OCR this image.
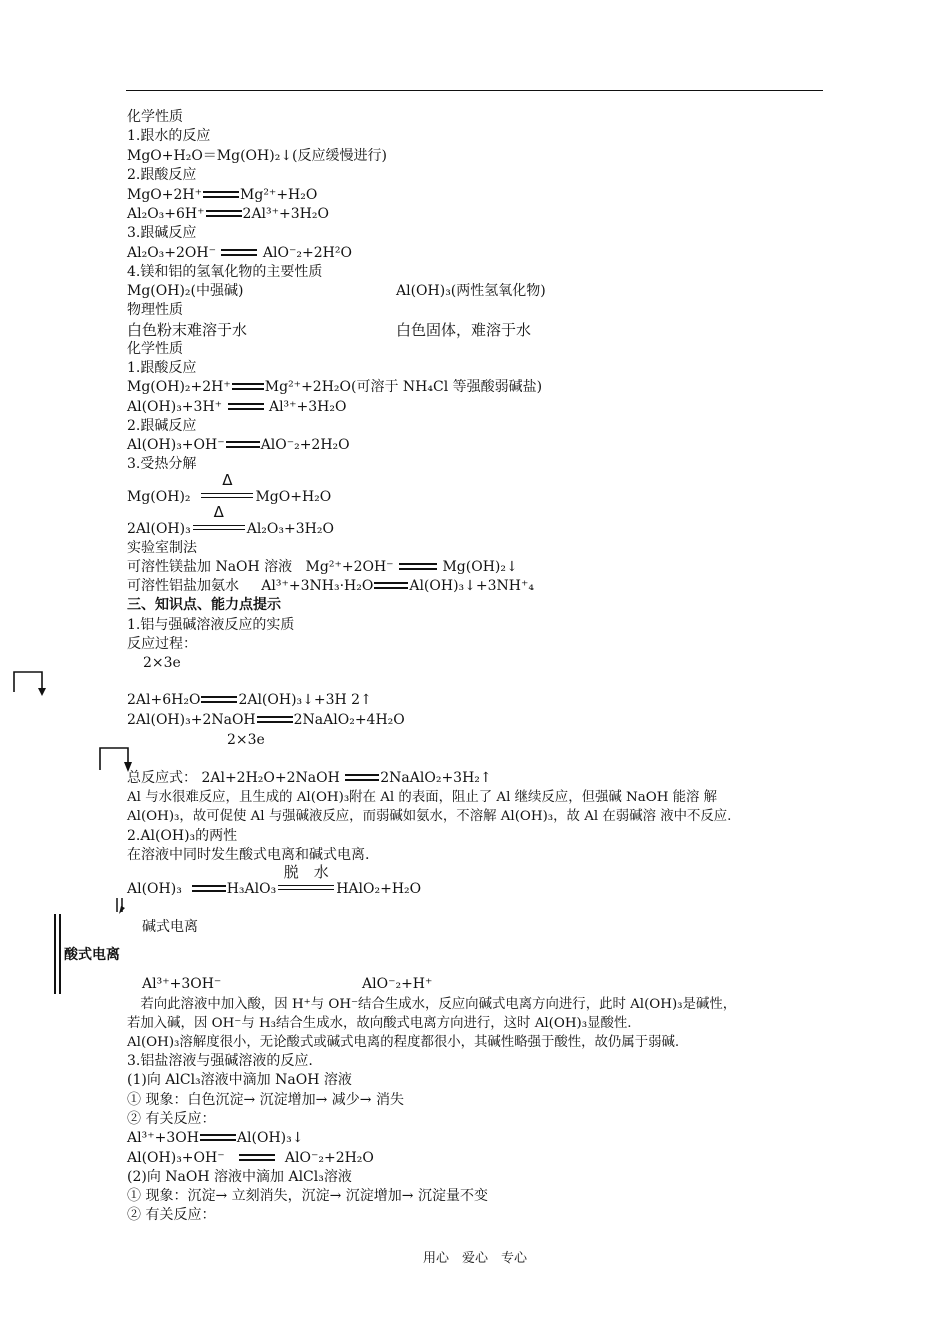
化学性质
1.跟水的反应
MgO+H₂O＝Mg(OH)₂↓(反应缓慢进行)
2.跟酸反应
MgO+2H⁺	Mg²⁺+H₂O
Al₂O₃+6H⁺	2Al³⁺+3H₂O
3.跟碱反应
Al₂O₃+2OH⁻	AlO⁻₂+2H²O
4.镁和铝的氢氧化物的主要性质
Mg(OH)₂(中强碱)	Al(OH)₃(两性氢氧化物)
物理性质
白色粉末难溶于水	白色固体，难溶于水
化学性质
1.跟酸反应
Mg(OH)₂+2H⁺ Mg²⁺+2H₂O(可溶于 NH₄Cl 等强酸弱碱盐)
Al(OH)₃+3H⁺	Al³⁺+3H₂O
2.跟碱反应
Al(OH)₃+OH⁻	AlO⁻₂+2H₂O
3.受热分解
Mg(OH)₂
Δ
MgO+H₂O
2Al(OH)₃
Δ
Al₂O₃+3H₂O
实验室制法
可溶性镁盐加 NaOH 溶液 Mg²⁺+2OH⁻	Mg(OH)₂↓
可溶性铝盐加氨水 Al³⁺+3NH₃·H₂O	Al(OH)₃↓+3NH⁺₄
三、知识点、能力点提示
1.铝与强碱溶液反应的实质
反应过程：
2×3e
2Al+6H₂O	2Al(OH)₃↓+3H 2↑
2Al(OH)₃+2NaOH	2NaAlO₂+4H₂O
2×3e
总反应式： 2Al+2H₂O+2NaOH	2NaAlO₂+3H₂↑
Al 与水很难反应，且生成的 Al(OH)₃附在 Al 的表面，阻止了 Al 继续反应，但强碱 NaOH 能溶 解
Al(OH)₃，故可促使 Al 与强碱液反应，而弱碱如氨水，不溶解 Al(OH)₃，故 Al 在弱碱溶 液中不反应.
2.Al(OH)₃的两性
在溶液中同时发生酸式电离和碱式电离.
Al(OH)₃	H₃AlO₃
脱　水
HAlO₂+H₂O
碱式电离
酸式电离
Al³⁺+3OH⁻	AlO⁻₂+H⁺
　若向此溶液中加入酸，因 H⁺与 OH⁻结合生成水，反应向碱式电离方向进行，此时 Al(OH)₃是碱性，
若加入碱，因 OH⁻与 H₃结合生成水，故向酸式电离方向进行，这时 Al(OH)₃显酸性.
Al(OH)₃溶解度很小，无论酸式或碱式电离的程度都很小，其碱性略强于酸性，故仍属于弱碱.
3.铝盐溶液与强碱溶液的反应.
(1)向 AlCl₃溶液中滴加 NaOH 溶液
① 现象：白色沉淀→ 沉淀增加→ 减少→ 消失
② 有关反应：
Al³⁺+3OH	Al(OH)₃↓
Al(OH)₃+OH⁻	AlO⁻₂+2H₂O
(2)向 NaOH 溶液中滴加 AlCl₃溶液
① 现象：沉淀→ 立刻消失，沉淀→ 沉淀增加→ 沉淀量不变
② 有关反应：
用心　爱心　专心
